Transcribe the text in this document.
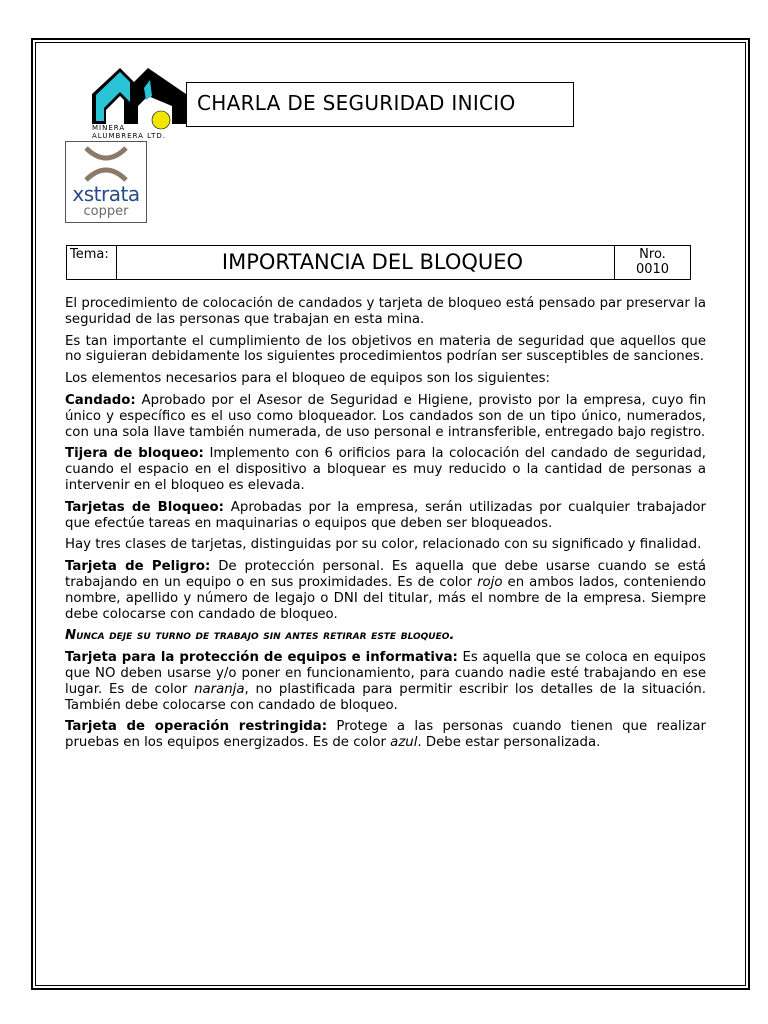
MINERA
ALUMBRERA LTD.
CHARLA DE SEGURIDAD INICIO
xstrata
copper
Tema:	IMPORTANCIA DEL BLOQUEO	Nro.
0010

El procedimiento de colocación de candados y tarjeta de bloqueo está pensado par preservar la seguridad de las personas que trabajan en esta mina.

Es tan importante el cumplimiento de los objetivos en materia de seguridad que aquellos que no siguieran debidamente los siguientes procedimientos podrían ser susceptibles de sanciones.

Los elementos necesarios para el bloqueo de equipos son los siguientes:

Candado: Aprobado por el Asesor de Seguridad e Higiene, provisto por la empresa, cuyo fin único y específico es el uso como bloqueador. Los candados son de un tipo único, numerados, con una sola llave también numerada, de uso personal e intransferible, entregado bajo registro.

Tijera de bloqueo: Implemento con 6 orificios para la colocación del candado de seguridad, cuando el espacio en el dispositivo a bloquear es muy reducido o la cantidad de personas a intervenir en el bloqueo es elevada.

Tarjetas de Bloqueo: Aprobadas por la empresa, serán utilizadas por cualquier trabajador que efectúe tareas en maquinarias o equipos que deben ser bloqueados.

Hay tres clases de tarjetas, distinguidas por su color, relacionado con su significado y finalidad.

Tarjeta de Peligro: De protección personal. Es aquella que debe usarse cuando se está trabajando en un equipo o en sus proximidades. Es de color rojo en ambos lados, conteniendo nombre, apellido y número de legajo o DNI del titular, más el nombre de la empresa. Siempre debe colocarse con candado de bloqueo.

Nunca deje su turno de trabajo sin antes retirar este bloqueo.

Tarjeta para la protección de equipos e informativa: Es aquella que se coloca en equipos que NO deben usarse y/o poner en funcionamiento, para cuando nadie esté trabajando en ese lugar. Es de color naranja, no plastificada para permitir escribir los detalles de la situación. También debe colocarse con candado de bloqueo.

Tarjeta de operación restringida: Protege a las personas cuando tienen que realizar pruebas en los equipos energizados. Es de color azul. Debe estar personalizada.
